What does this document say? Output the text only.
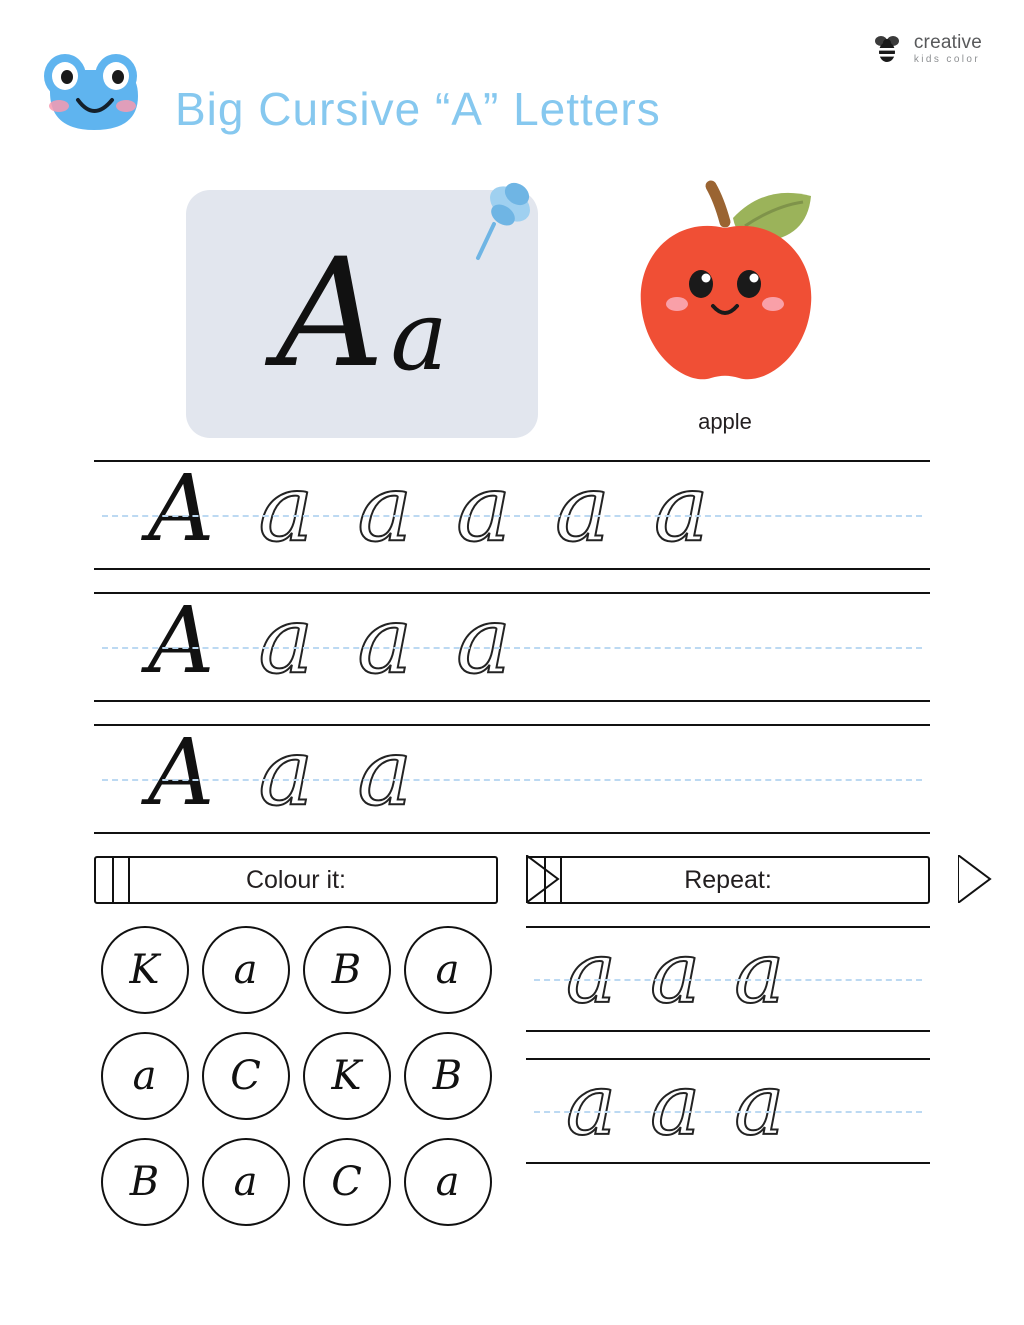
Big Cursive “A” Letters
creative
kids color
A a
apple
A a a a a a
A a a a
A a a
Colour it:
K a B a
a C K B
B a C a
Repeat:
a a a
a a a
